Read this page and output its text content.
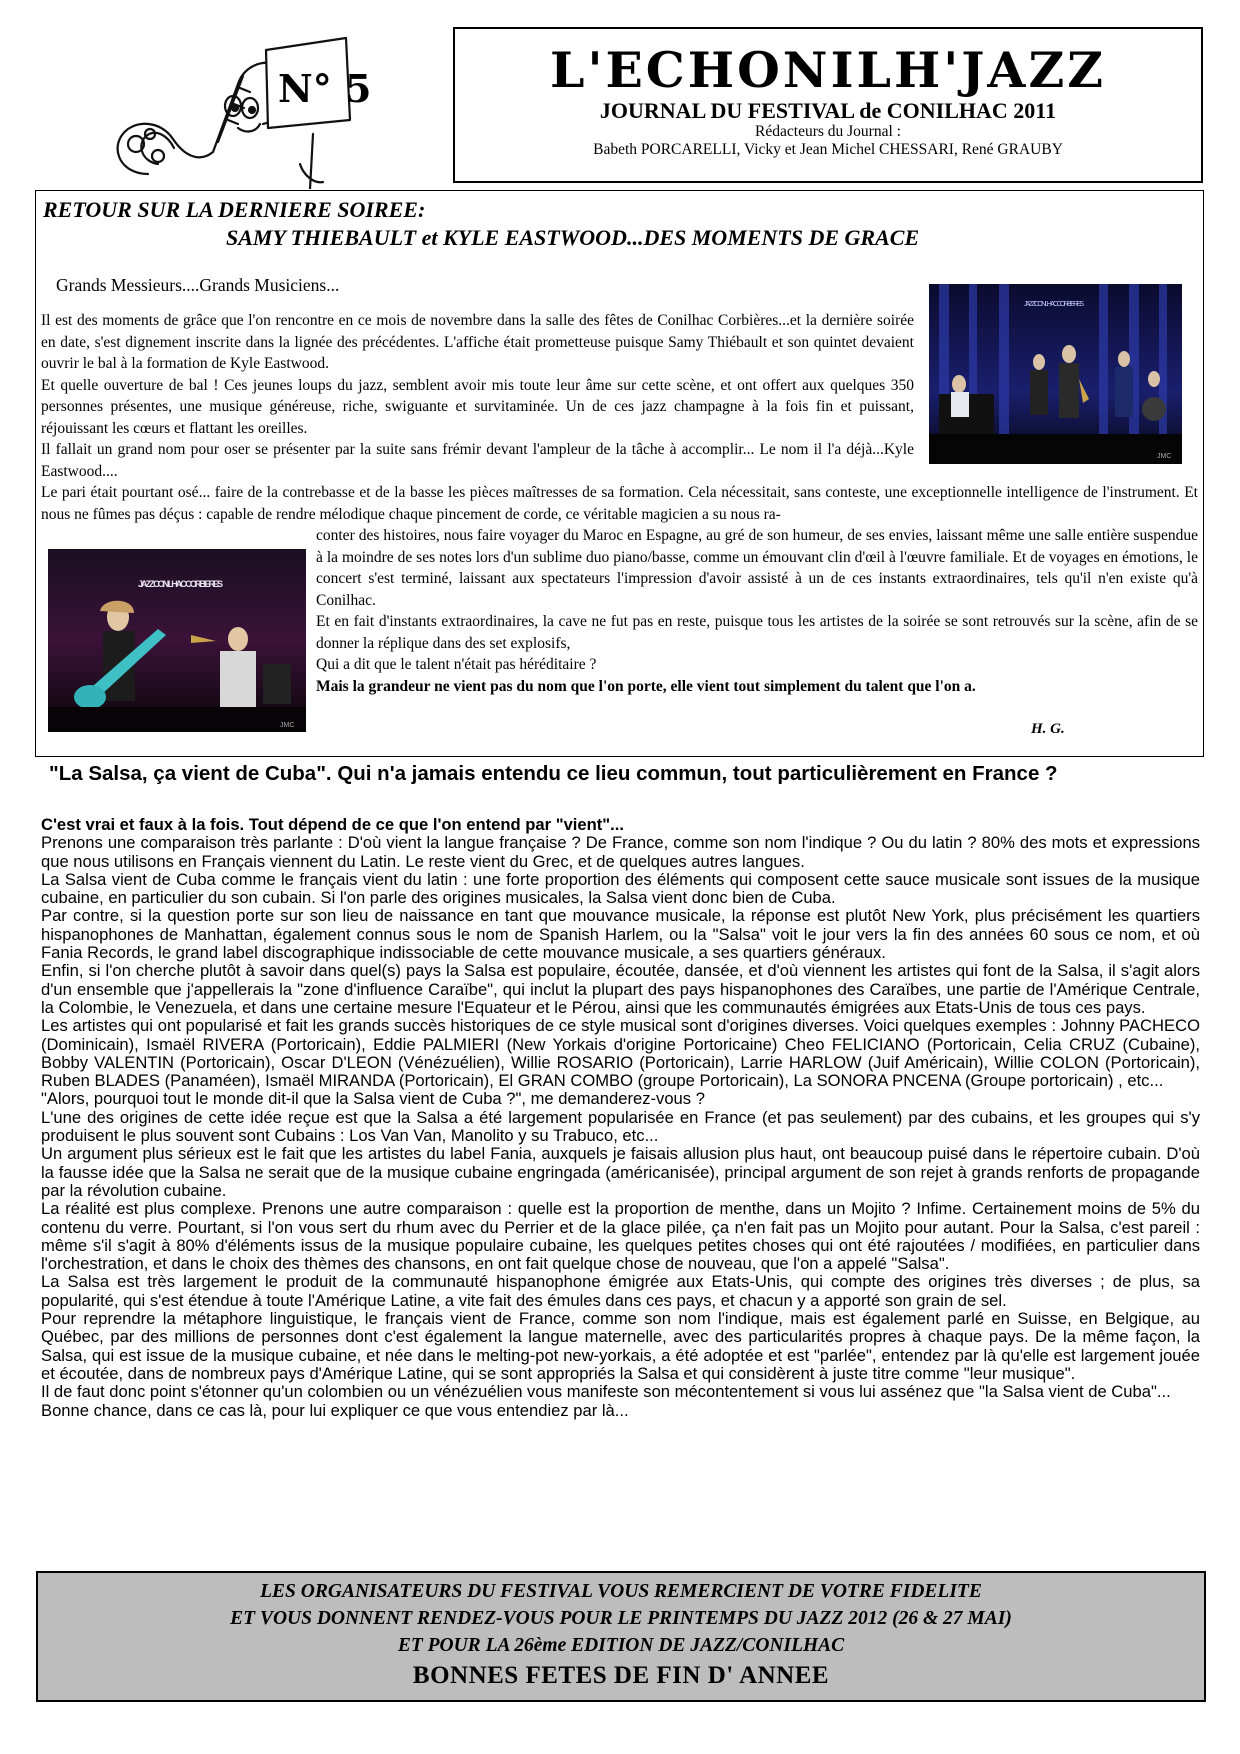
N° 5	L'ECHONILH'JAZZ
JOURNAL DU FESTIVAL de CONILHAC 2011
Rédacteurs du Journal :
Babeth PORCARELLI, Vicky et Jean Michel CHESSARI, René GRAUBY
RETOUR SUR LA DERNIERE SOIREE:
SAMY THIEBAULT et KYLE EASTWOOD...DES MOMENTS DE GRACE
Grands Messieurs....Grands Musiciens...
JAZZ CONILHAC CORBIERES
JMC

Il est des moments de grâce que l'on rencontre en ce mois de novembre dans la salle des fêtes de Conilhac Corbières...et la dernière soirée en date, s'est dignement inscrite dans la lignée des précédentes. L'affiche était prometteuse puisque Samy Thiébault et son quintet devaient ouvrir le bal à la formation de Kyle Eastwood.

Et quelle ouverture de bal ! Ces jeunes loups du jazz, semblent avoir mis toute leur âme sur cette scène, et ont offert aux quelques 350 personnes présentes, une musique généreuse, riche, swiguante et survitaminée. Un de ces jazz champagne à la fois fin et puissant, réjouissant les cœurs et flattant les oreilles.

Il fallait un grand nom pour oser se présenter par la suite sans frémir devant l'ampleur de la tâche à accomplir... Le nom il l'a déjà...Kyle Eastwood....

Le pari était pourtant osé... faire de la contrebasse et de la basse les pièces maîtresses de sa formation. Cela nécessitait, sans conteste, une exceptionnelle intelligence de l'instrument. Et nous ne fûmes pas déçus : capable de rendre mélodique chaque pincement de corde, ce véritable magicien a su nous ra-

JAZZ CONILHAC CORBIERES
JMC

conter des histoires, nous faire voyager du Maroc en Espagne, au gré de son humeur, de ses envies, laissant même une salle entière suspendue à la moindre de ses notes lors d'un sublime duo piano/basse, comme un émouvant clin d'œil à l'œuvre familiale. Et de voyages en émotions, le concert s'est terminé, laissant aux spectateurs l'impression d'avoir assisté à un de ces instants extraordinaires, tels qu'il n'en existe qu'à Conilhac.

Et en fait d'instants extraordinaires, la cave ne fut pas en reste, puisque tous les artistes de la soirée se sont retrouvés sur la scène, afin de se donner la réplique dans des set explosifs,

Qui a dit que le talent n'était pas héréditaire ?

Mais la grandeur ne vient pas du nom que l'on porte, elle vient tout simplement du talent que l'on a.

H. G.
"La Salsa, ça vient de Cuba". Qui n'a jamais entendu ce lieu commun, tout particulièrement en France ?

C'est vrai et faux à la fois. Tout dépend de ce que l'on entend par "vient"...

Prenons une comparaison très parlante : D'où vient la langue française ? De France, comme son nom l'indique ? Ou du latin ? 80% des mots et expressions que nous utilisons en Français viennent du Latin. Le reste vient du Grec, et de quelques autres langues.

La Salsa vient de Cuba comme le français vient du latin : une forte proportion des éléments qui composent cette sauce musicale sont issues de la musique cubaine, en particulier du son cubain. Si l'on parle des origines musicales, la Salsa vient donc bien de Cuba.

Par contre, si la question porte sur son lieu de naissance en tant que mouvance musicale, la réponse est plutôt New York, plus précisément les quartiers hispanophones de Manhattan, également connus sous le nom de Spanish Harlem, ou la "Salsa" voit le jour vers la fin des années 60 sous ce nom, et où Fania Records, le grand label discographique indissociable de cette mouvance musicale, a ses quartiers généraux.

Enfin, si l'on cherche plutôt à savoir dans quel(s) pays la Salsa est populaire, écoutée, dansée, et d'où viennent les artistes qui font de la Salsa, il s'agit alors d'un ensemble que j'appellerais la "zone d'influence Caraïbe", qui inclut la plupart des pays hispanophones des Caraïbes, une partie de l'Amérique Centrale, la Colombie, le Venezuela, et dans une certaine mesure l'Equateur et le Pérou, ainsi que les communautés émigrées aux Etats-Unis de tous ces pays.

Les artistes qui ont popularisé et fait les grands succès historiques de ce style musical sont d'origines diverses. Voici quelques exemples : Johnny PACHECO (Dominicain), Ismaël RIVERA (Portoricain), Eddie PALMIERI (New Yorkais d'origine Portoricaine) Cheo FELICIANO (Portoricain, Celia CRUZ (Cubaine), Bobby VALENTIN (Portoricain), Oscar D'LEON (Vénézuélien), Willie ROSARIO (Portoricain), Larrie HARLOW (Juif Américain), Willie COLON (Portoricain), Ruben BLADES (Panaméen), Ismaël MIRANDA (Portoricain), El GRAN COMBO (groupe Portoricain), La SONORA PNCENA (Groupe portoricain) , etc...

"Alors, pourquoi tout le monde dit-il que la Salsa vient de Cuba ?", me demanderez-vous ?

L'une des origines de cette idée reçue est que la Salsa a été largement popularisée en France (et pas seulement) par des cubains, et les groupes qui s'y produisent le plus souvent sont Cubains : Los Van Van, Manolito y su Trabuco, etc...

Un argument plus sérieux est le fait que les artistes du label Fania, auxquels je faisais allusion plus haut, ont beaucoup puisé dans le répertoire cubain. D'où la fausse idée que la Salsa ne serait que de la musique cubaine engringada (américanisée), principal argument de son rejet à grands renforts de propagande par la révolution cubaine.

La réalité est plus complexe. Prenons une autre comparaison : quelle est la proportion de menthe, dans un Mojito ? Infime. Certainement moins de 5% du contenu du verre. Pourtant, si l'on vous sert du rhum avec du Perrier et de la glace pilée, ça n'en fait pas un Mojito pour autant. Pour la Salsa, c'est pareil : même s'il s'agit à 80% d'éléments issus de la musique populaire cubaine, les quelques petites choses qui ont été rajoutées / modifiées, en particulier dans l'orchestration, et dans le choix des thèmes des chansons, en ont fait quelque chose de nouveau, que l'on a appelé "Salsa".

La Salsa est très largement le produit de la communauté hispanophone émigrée aux Etats-Unis, qui compte des origines très diverses ; de plus, sa popularité, qui s'est étendue à toute l'Amérique Latine, a vite fait des émules dans ces pays, et chacun y a apporté son grain de sel.

Pour reprendre la métaphore linguistique, le français vient de France, comme son nom l'indique, mais est également parlé en Suisse, en Belgique, au Québec, par des millions de personnes dont c'est également la langue maternelle, avec des particularités propres à chaque pays. De la même façon, la Salsa, qui est issue de la musique cubaine, et née dans le melting-pot new-yorkais, a été adoptée et est "parlée", entendez par là qu'elle est largement jouée et écoutée, dans de nombreux pays d'Amérique Latine, qui se sont appropriés la Salsa et qui considèrent à juste titre comme "leur musique".

Il de faut donc point s'étonner qu'un colombien ou un vénézuélien vous manifeste son mécontentement si vous lui assénez que "la Salsa vient de Cuba"...

Bonne chance, dans ce cas là, pour lui expliquer ce que vous entendiez par là...

LES ORGANISATEURS DU FESTIVAL VOUS REMERCIENT DE VOTRE FIDELITE
ET VOUS DONNENT RENDEZ-VOUS POUR LE PRINTEMPS DU JAZZ 2012 (26 & 27 MAI)
ET POUR LA 26ème EDITION DE JAZZ/CONILHAC
BONNES FETES DE FIN D' ANNEE
